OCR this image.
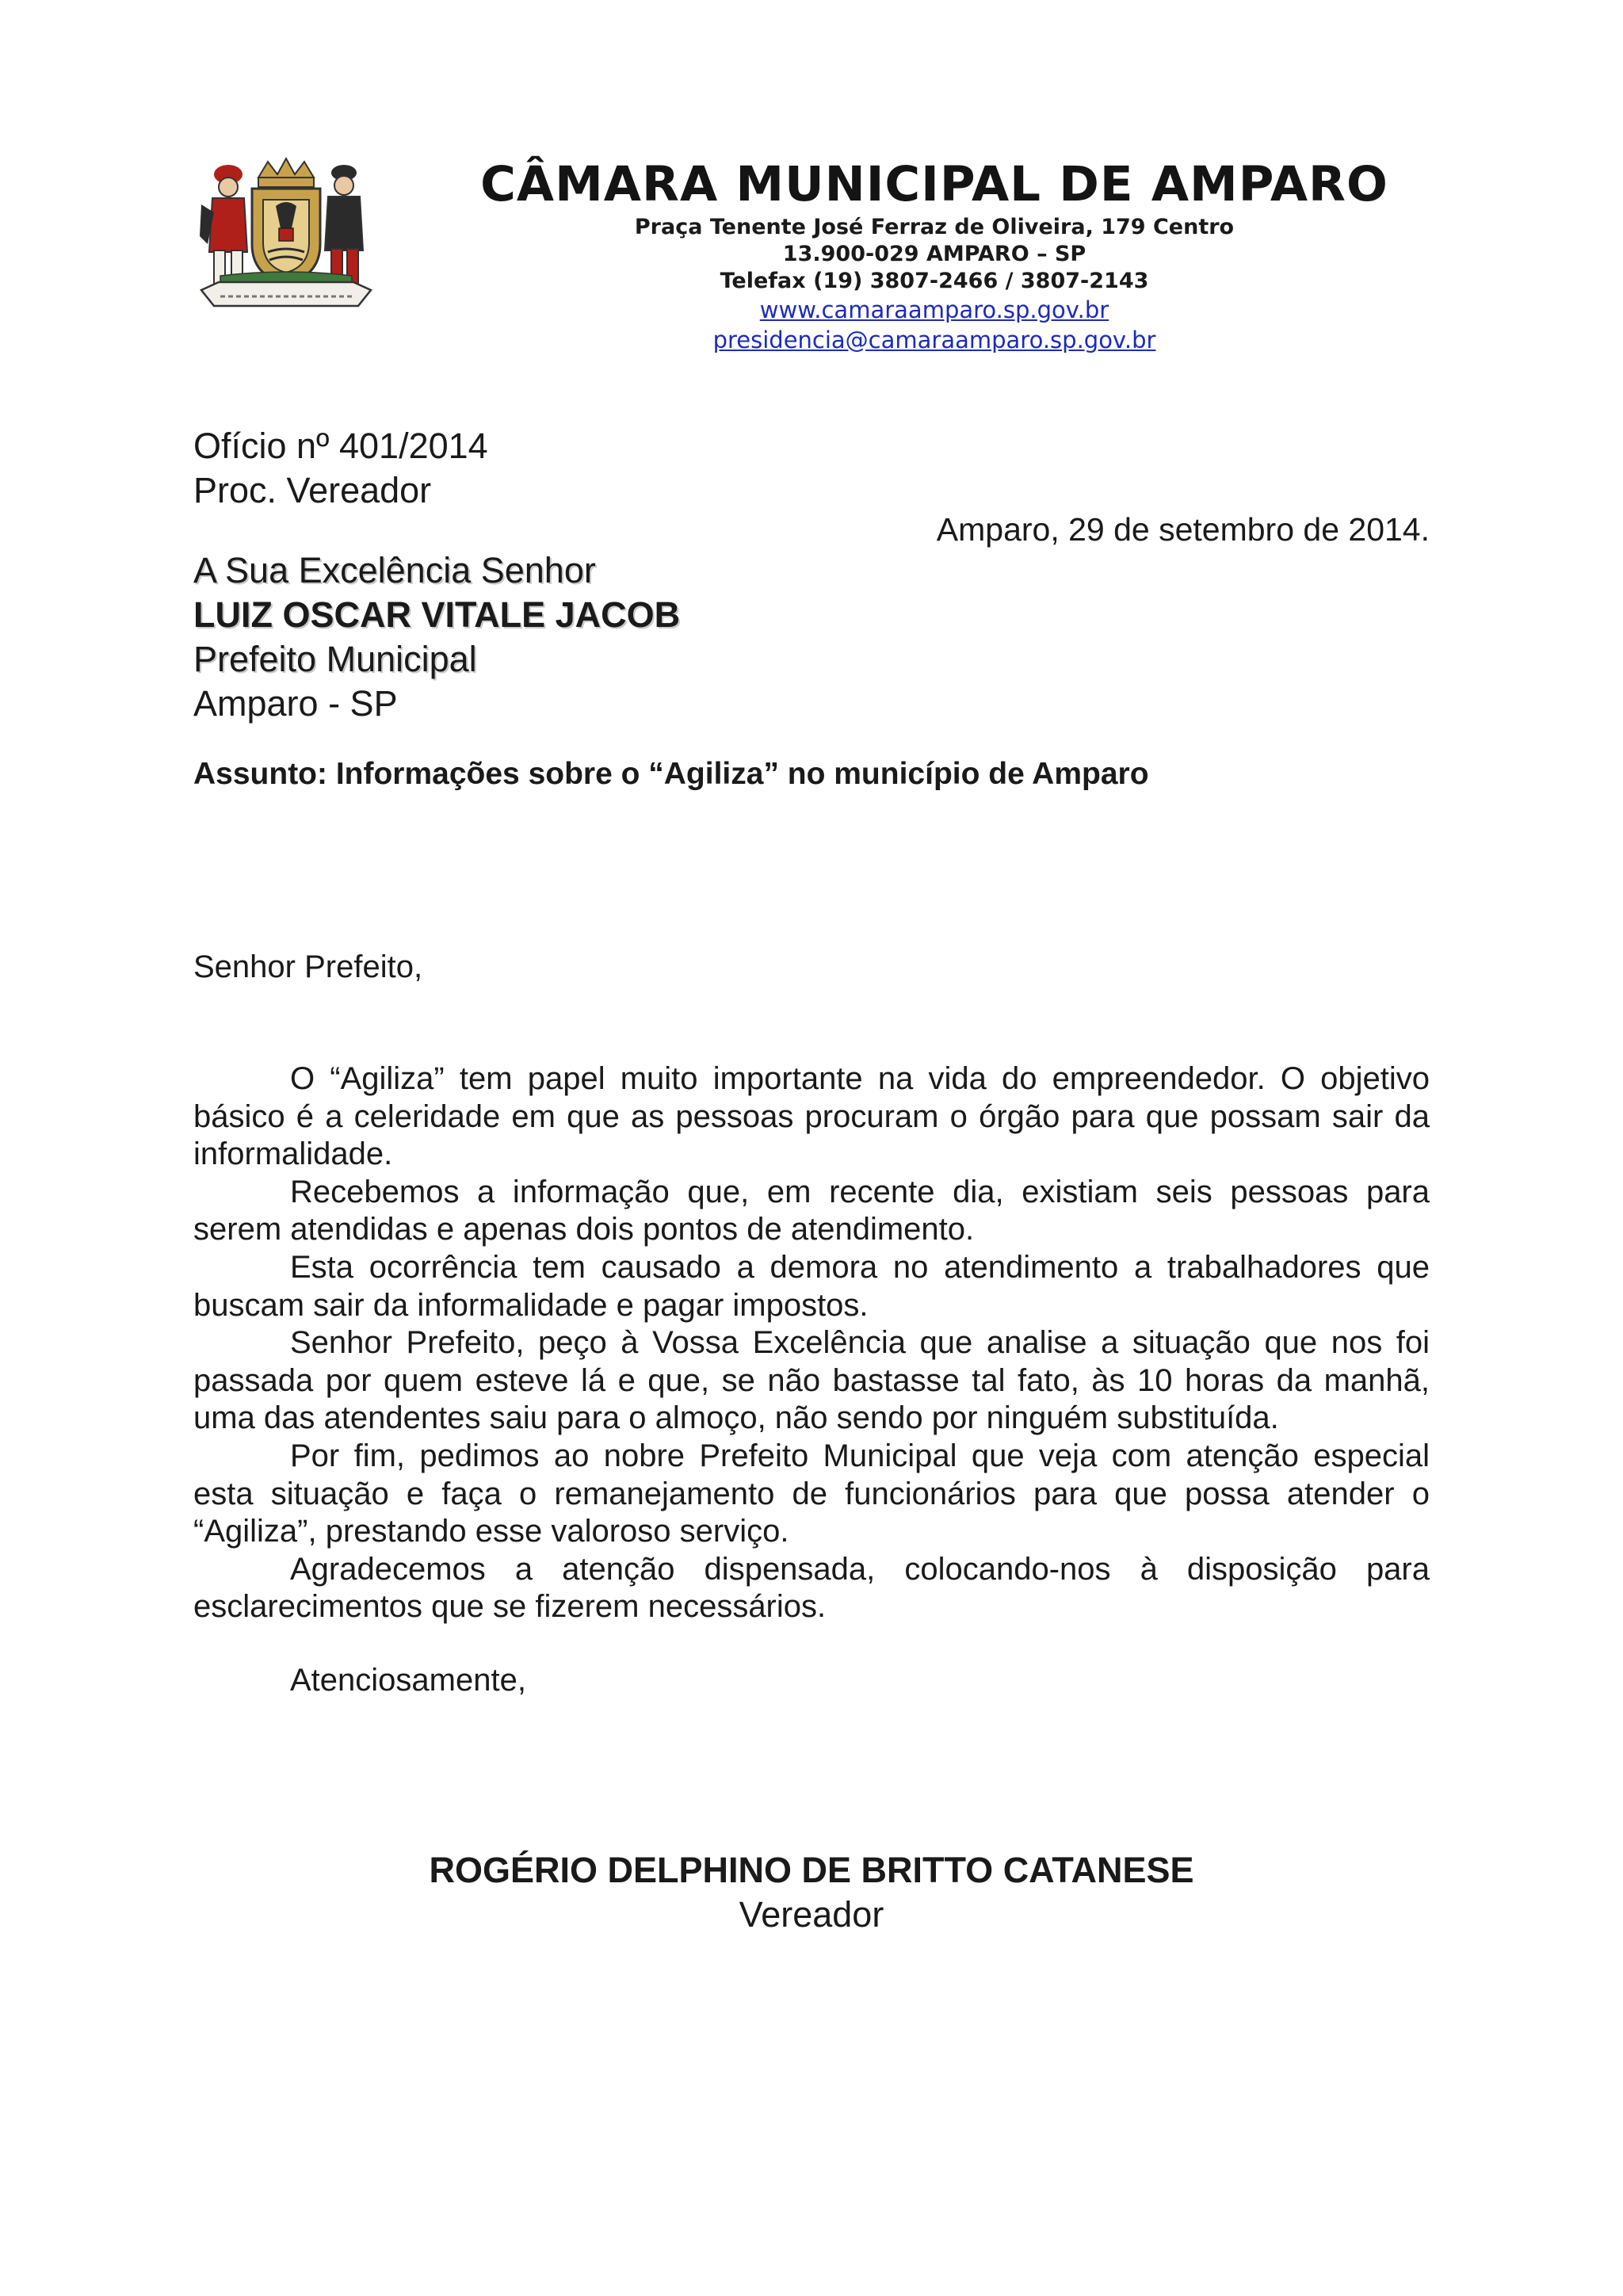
CÂMARA MUNICIPAL DE AMPARO
Praça Tenente José Ferraz de Oliveira, 179 Centro
13.900-029 AMPARO – SP
Telefax (19) 3807-2466 / 3807-2143
www.camaraamparo.sp.gov.br
presidencia@camaraamparo.sp.gov.br
Ofício nº 401/2014
Proc. Vereador
Amparo, 29 de setembro de 2014.
A Sua Excelência Senhor
LUIZ OSCAR VITALE JACOB
Prefeito Municipal
Amparo - SP
Assunto: Informações sobre o “Agiliza” no município de Amparo
Senhor Prefeito,

O “Agiliza” tem papel muito importante na vida do empreendedor. O objetivo básico é a celeridade em que as pessoas procuram o órgão para que possam sair da informalidade.

Recebemos a informação que, em recente dia, existiam seis pessoas para serem atendidas e apenas dois pontos de atendimento.

Esta ocorrência tem causado a demora no atendimento a trabalhadores que buscam sair da informalidade e pagar impostos.

Senhor Prefeito, peço à Vossa Excelência que analise a situação que nos foi passada por quem esteve lá e que, se não bastasse tal fato, às 10 horas da manhã, uma das atendentes saiu para o almoço, não sendo por ninguém substituída.

Por fim, pedimos ao nobre Prefeito Municipal que veja com atenção especial esta situação e faça o remanejamento de funcionários para que possa atender o “Agiliza”, prestando esse valoroso serviço.

Agradecemos a atenção dispensada, colocando-nos à disposição para esclarecimentos que se fizerem necessários.

Atenciosamente,
ROGÉRIO DELPHINO DE BRITTO CATANESE
Vereador
